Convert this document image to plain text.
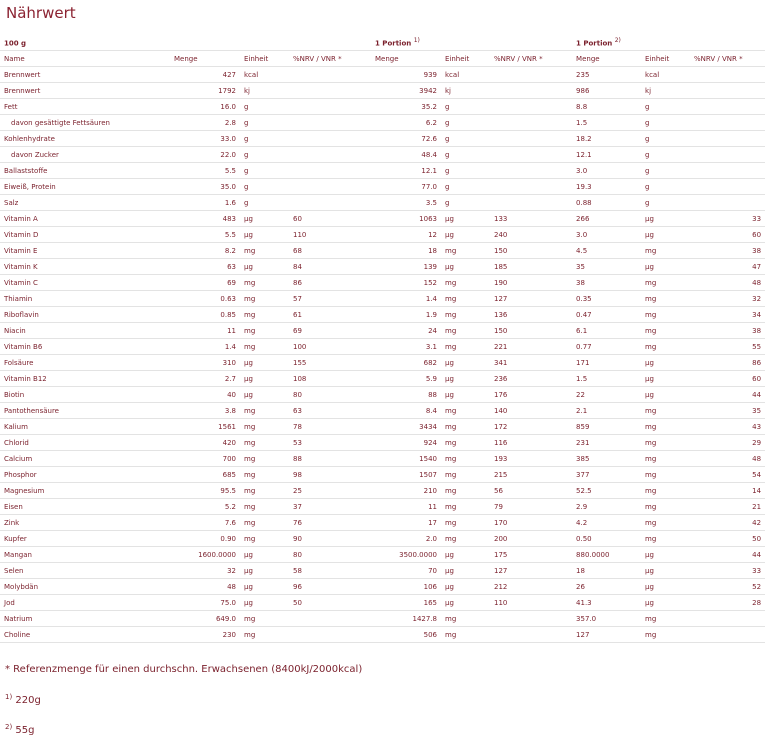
Nährwert
100 g				1 Portion $^{1)}$			1 Portion $^{2)}$
Name	Menge	Einheit	%NRV / VNR *	Menge	Einheit	%NRV / VNR *	Menge	Einheit	%NRV / VNR *
Brennwert	427	kcal		939	kcal		235	kcal	
Brennwert	1792	kj		3942	kj		986	kj	
Fett	16.0	g		35.2	g		8.8	g	
davon gesättigte Fettsäuren	2.8	g		6.2	g		1.5	g	
Kohlenhydrate	33.0	g		72.6	g		18.2	g	
davon Zucker	22.0	g		48.4	g		12.1	g	
Ballaststoffe	5.5	g		12.1	g		3.0	g	
Eiweiß, Protein	35.0	g		77.0	g		19.3	g	
Salz	1.6	g		3.5	g		0.88	g	
Vitamin A	483	µg	60	1063	µg	133	266	µg	33
Vitamin D	5.5	µg	110	12	µg	240	3.0	µg	60
Vitamin E	8.2	mg	68	18	mg	150	4.5	mg	38
Vitamin K	63	µg	84	139	µg	185	35	µg	47
Vitamin C	69	mg	86	152	mg	190	38	mg	48
Thiamin	0.63	mg	57	1.4	mg	127	0.35	mg	32
Riboflavin	0.85	mg	61	1.9	mg	136	0.47	mg	34
Niacin	11	mg	69	24	mg	150	6.1	mg	38
Vitamin B6	1.4	mg	100	3.1	mg	221	0.77	mg	55
Folsäure	310	µg	155	682	µg	341	171	µg	86
Vitamin B12	2.7	µg	108	5.9	µg	236	1.5	µg	60
Biotin	40	µg	80	88	µg	176	22	µg	44
Pantothensäure	3.8	mg	63	8.4	mg	140	2.1	mg	35
Kalium	1561	mg	78	3434	mg	172	859	mg	43
Chlorid	420	mg	53	924	mg	116	231	mg	29
Calcium	700	mg	88	1540	mg	193	385	mg	48
Phosphor	685	mg	98	1507	mg	215	377	mg	54
Magnesium	95.5	mg	25	210	mg	56	52.5	mg	14
Eisen	5.2	mg	37	11	mg	79	2.9	mg	21
Zink	7.6	mg	76	17	mg	170	4.2	mg	42
Kupfer	0.90	mg	90	2.0	mg	200	0.50	mg	50
Mangan	1600.0000	µg	80	3500.0000	µg	175	880.0000	µg	44
Selen	32	µg	58	70	µg	127	18	µg	33
Molybdän	48	µg	96	106	µg	212	26	µg	52
Jod	75.0	µg	50	165	µg	110	41.3	µg	28
Natrium	649.0	mg		1427.8	mg		357.0	mg	
Choline	230	mg		506	mg		127	mg	
* Referenzmenge für einen durchschn. Erwachsenen (8400kJ/2000kcal)
$^{1)}$ 220g
$^{2)}$ 55g
